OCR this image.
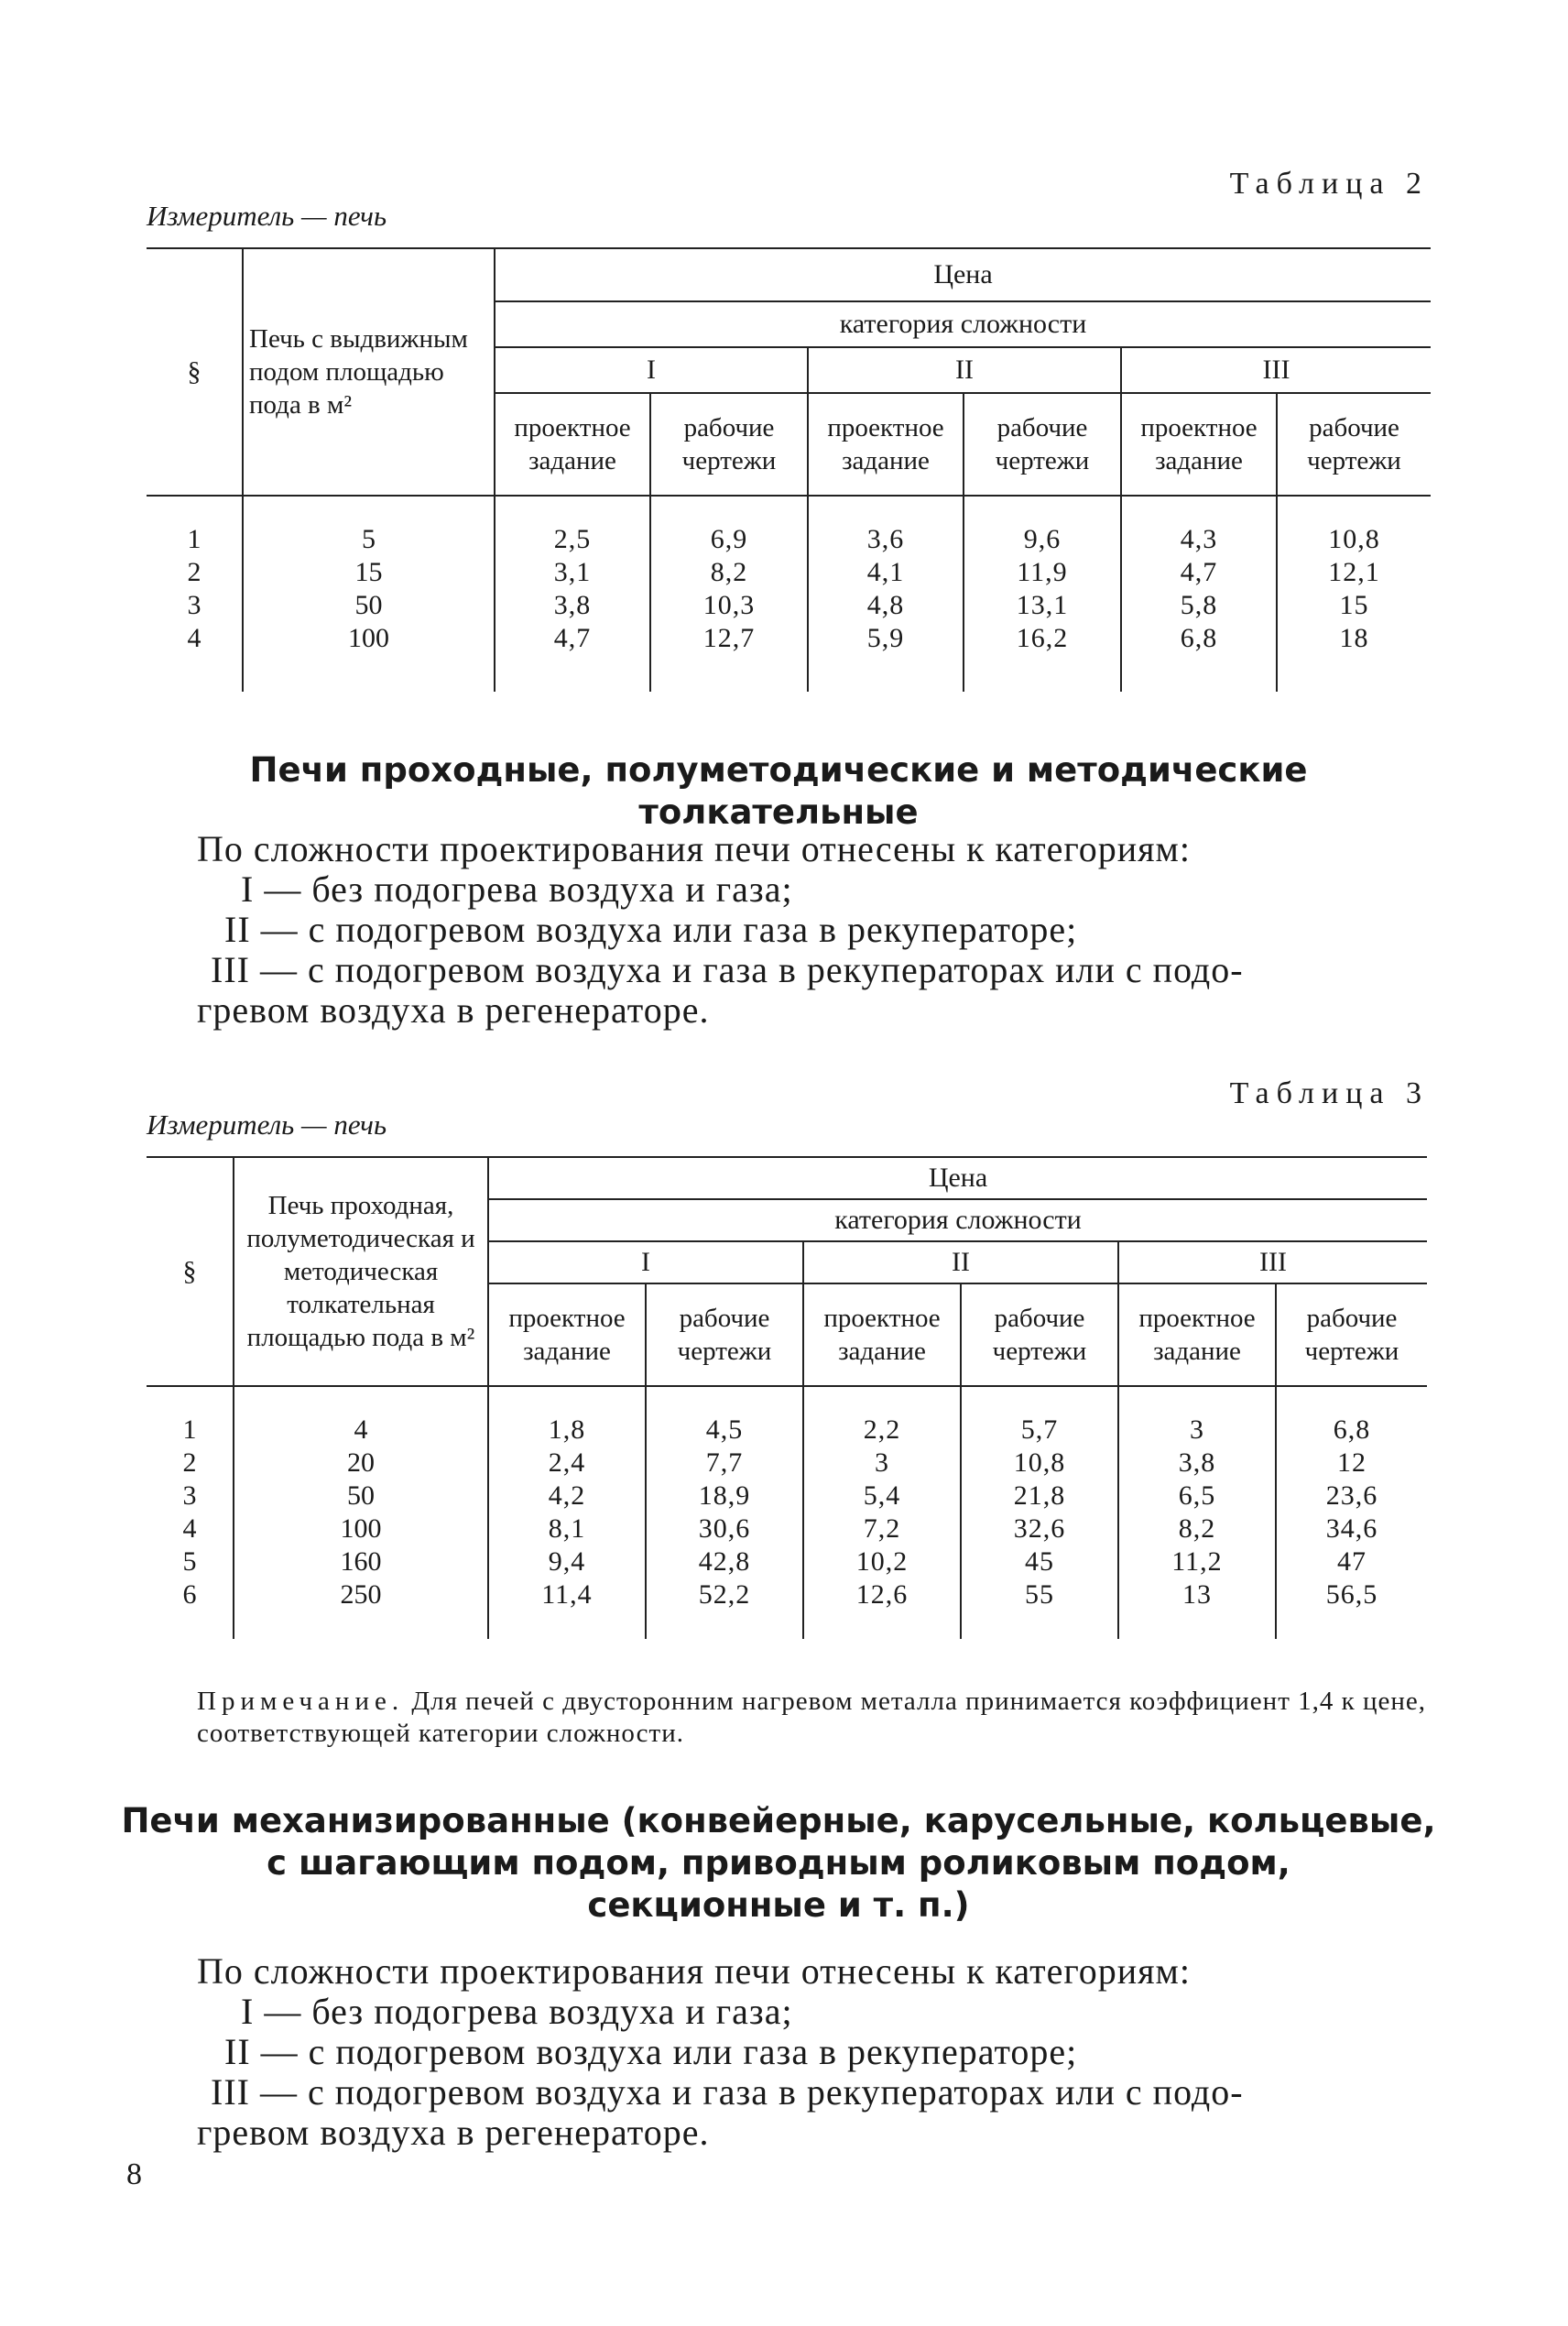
Таблица 2
Измеритель — печь
§	Печь с выдвижным подом площадью пода в м²	Цена					
		категория сложности					
		I		II		III	
		проектное задание	рабочие чертежи	проектное задание	рабочие чертежи	проектное задание	рабочие чертежи

1	5	2,5	6,9	3,6	9,6	4,3	10,8
2	15	3,1	8,2	4,1	11,9	4,7	12,1
3	50	3,8	10,3	4,8	13,1	5,8	15
4	100	4,7	12,7	5,9	16,2	6,8	18

Печи проходные, полуметодические и методические толкательные
По сложности проектирования печи отнесены к категориям:
I — без подогрева воздуха и газа;
II — с подогревом воздуха или газа в рекуператоре;
III — с подогревом воздуха и газа в рекуператорах или с подо-
гревом воздуха в регенераторе.
Таблица 3
Измеритель — печь
§	Печь проходная, полуметодическая и методическая толкательная площадью пода в м²	Цена					
		категория сложности					
		I		II		III	
		проектное задание	рабочие чертежи	проектное задание	рабочие чертежи	проектное задание	рабочие чертежи

1	4	1,8	4,5	2,2	5,7	3	6,8
2	20	2,4	7,7	3	10,8	3,8	12
3	50	4,2	18,9	5,4	21,8	6,5	23,6
4	100	8,1	30,6	7,2	32,6	8,2	34,6
5	160	9,4	42,8	10,2	45	11,2	47
6	250	11,4	52,2	12,6	55	13	56,5

Примечание. Для печей с двусторонним нагревом металла принимается коэффициент 1,4 к цене, соответствующей категории сложности.
Печи механизированные (конвейерные, карусельные, кольцевые,
с шагающим подом, приводным роликовым подом,
секционные и т. п.)
По сложности проектирования печи отнесены к категориям:
I — без подогрева воздуха и газа;
II — с подогревом воздуха или газа в рекуператоре;
III — с подогревом воздуха и газа в рекуператорах или с подо-
гревом воздуха в регенераторе.
8
